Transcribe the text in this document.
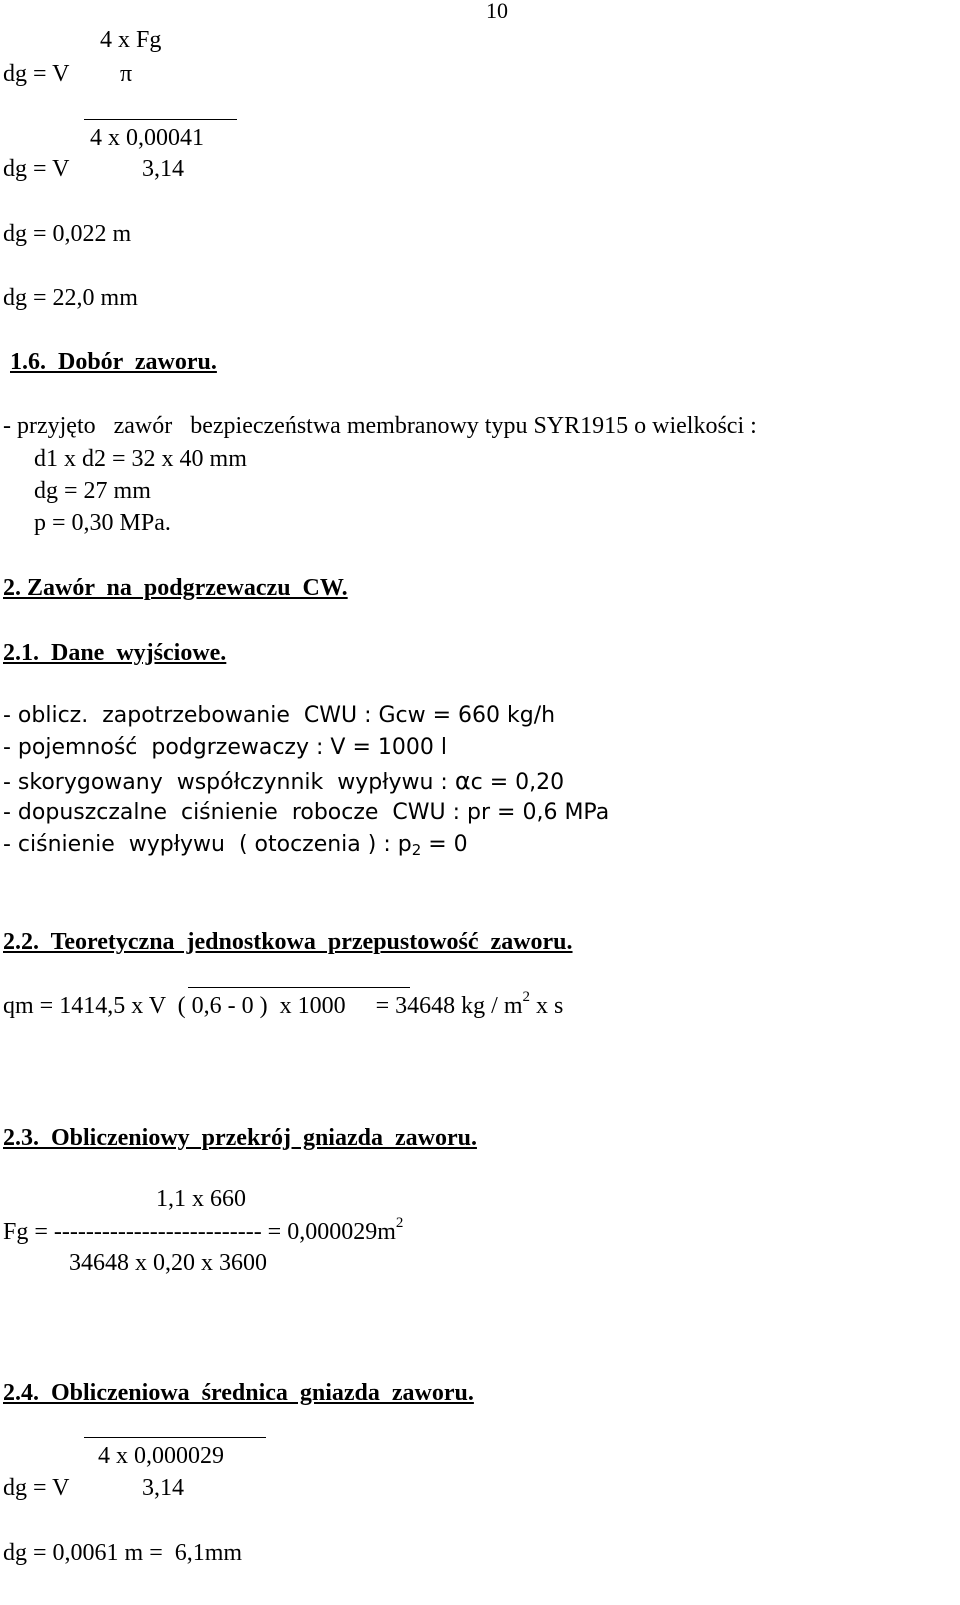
10
4 x Fg
dg = V π
4 x 0,00041
dg = V	3,14
dg = 0,022 m
dg = 22,0 mm
1.6.  Dobór  zaworu.
- przyjęto   zawór   bezpieczeństwa membranowy typu SYR1915 o wielkości :
d1 x d2 = 32 x 40 mm
dg = 27 mm
p = 0,30 MPa.
2. Zawór  na  podgrzewaczu  CW.
2.1.  Dane  wyjściowe.
- oblicz.  zapotrzebowanie  CWU : Gcw = 660 kg/h
- pojemność  podgrzewaczy : V = 1000 l
- skorygowany  współczynnik  wypływu : αc = 0,20
- dopuszczalne  ciśnienie  robocze  CWU : pr = 0,6 MPa
- ciśnienie  wypływu  ( otoczenia ) : $p_2 = 0$
2.2.  Teoretyczna  jednostkowa  przepustowość  zaworu.
qm = 1414,5 x V  ( 0,6 - 0 )  x 1000     = 34648 kg / $m^2$ x s
2.3.  Obliczeniowy  przekrój  gniazda  zaworu.
1,1 x 660
Fg = -------------------------- = $0,000029m^2$
34648 x 0,20 x 3600
2.4.  Obliczeniowa  średnica  gniazda  zaworu.
4 x 0,000029
dg = V	3,14
dg = 0,0061 m =  6,1mm
